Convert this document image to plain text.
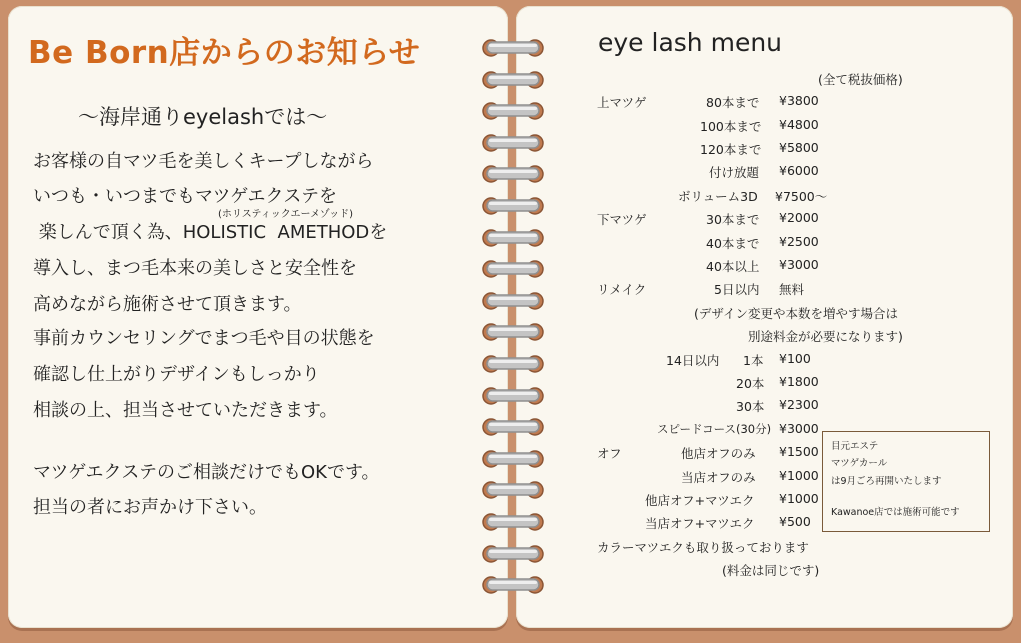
Be Born店からのお知らせ
～海岸通りeyelashでは～
(ホリスティックエーメゾッド)
お客様の自マツ毛を美しくキープしながら
いつも・いつまでもマツゲエクステを
楽しんで頂く為、HOLISTIC  AMETHODを
導入し、まつ毛本来の美しさと安全性を
高めながら施術させて頂きます。
事前カウンセリングでまつ毛や目の状態を
確認し仕上がりデザインもしっかり
相談の上、担当させていただきます。
マツゲエクステのご相談だけでもOKです。
担当の者にお声かけ下さい。
eye lash menu
(全て税抜価格)
上マツゲ	80本まで ¥3800
100本まで ¥4800
120本まで ¥5800
付け放題 ¥6000
ボリューム3D ¥7500～
下マツゲ	30本まで ¥2000
40本まで ¥2500
40本以上 ¥3000
リメイク	5日以内 無料
(デザイン変更や本数を増やす場合は
別途料金が必要になります)
14日以内 1本 ¥100
20本 ¥1800
30本 ¥2300
スピードコース(30分) ¥3000
オフ	他店オフのみ ¥1500
当店オフのみ ¥1000
他店オフ+マツエク ¥1000
当店オフ+マツエク ¥500
カラーマツエクも取り扱っております
(料金は同じです)
目元エステ
マツゲカール
は9月ごろ再開いたします
Kawanoe店では施術可能です
